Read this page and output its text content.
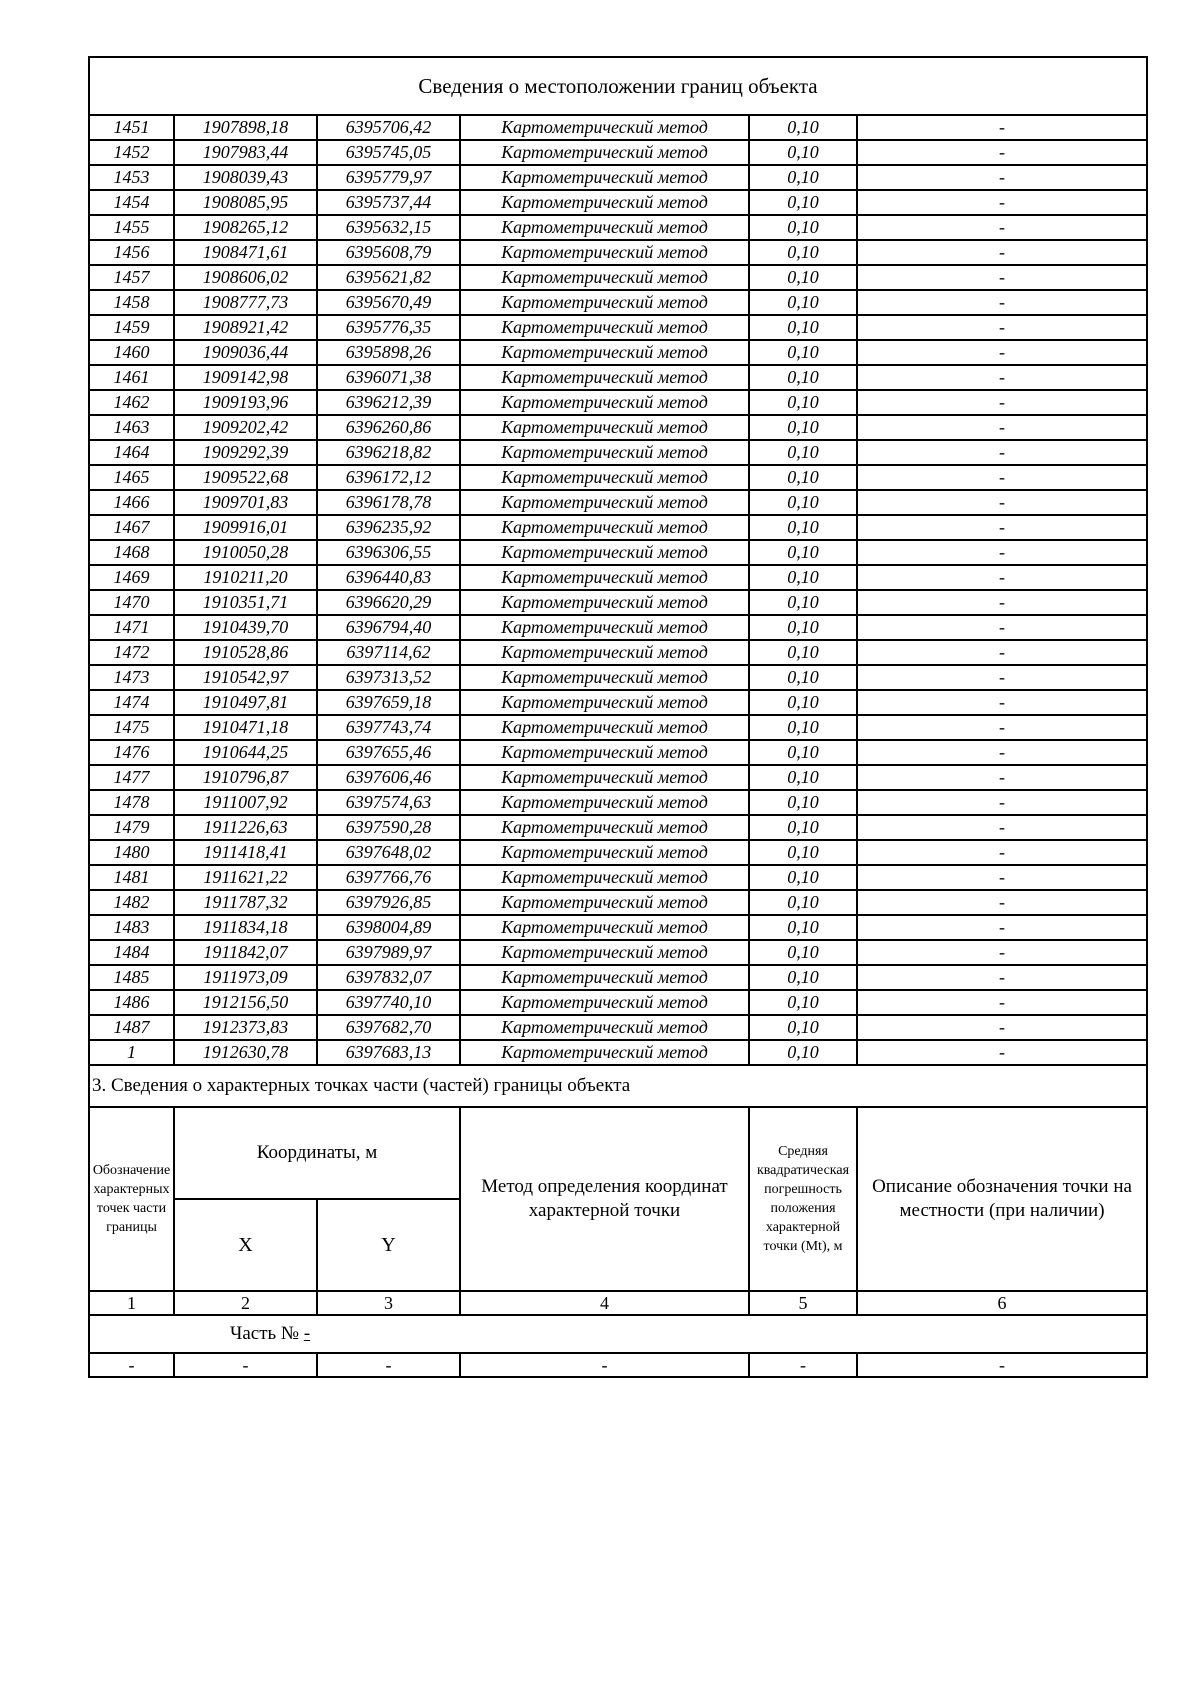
Сведения о местоположении границ объекта					
1451	1907898,18	6395706,42	Картометрический метод	0,10	-
1452	1907983,44	6395745,05	Картометрический метод	0,10	-
1453	1908039,43	6395779,97	Картометрический метод	0,10	-
1454	1908085,95	6395737,44	Картометрический метод	0,10	-
1455	1908265,12	6395632,15	Картометрический метод	0,10	-
1456	1908471,61	6395608,79	Картометрический метод	0,10	-
1457	1908606,02	6395621,82	Картометрический метод	0,10	-
1458	1908777,73	6395670,49	Картометрический метод	0,10	-
1459	1908921,42	6395776,35	Картометрический метод	0,10	-
1460	1909036,44	6395898,26	Картометрический метод	0,10	-
1461	1909142,98	6396071,38	Картометрический метод	0,10	-
1462	1909193,96	6396212,39	Картометрический метод	0,10	-
1463	1909202,42	6396260,86	Картометрический метод	0,10	-
1464	1909292,39	6396218,82	Картометрический метод	0,10	-
1465	1909522,68	6396172,12	Картометрический метод	0,10	-
1466	1909701,83	6396178,78	Картометрический метод	0,10	-
1467	1909916,01	6396235,92	Картометрический метод	0,10	-
1468	1910050,28	6396306,55	Картометрический метод	0,10	-
1469	1910211,20	6396440,83	Картометрический метод	0,10	-
1470	1910351,71	6396620,29	Картометрический метод	0,10	-
1471	1910439,70	6396794,40	Картометрический метод	0,10	-
1472	1910528,86	6397114,62	Картометрический метод	0,10	-
1473	1910542,97	6397313,52	Картометрический метод	0,10	-
1474	1910497,81	6397659,18	Картометрический метод	0,10	-
1475	1910471,18	6397743,74	Картометрический метод	0,10	-
1476	1910644,25	6397655,46	Картометрический метод	0,10	-
1477	1910796,87	6397606,46	Картометрический метод	0,10	-
1478	1911007,92	6397574,63	Картометрический метод	0,10	-
1479	1911226,63	6397590,28	Картометрический метод	0,10	-
1480	1911418,41	6397648,02	Картометрический метод	0,10	-
1481	1911621,22	6397766,76	Картометрический метод	0,10	-
1482	1911787,32	6397926,85	Картометрический метод	0,10	-
1483	1911834,18	6398004,89	Картометрический метод	0,10	-
1484	1911842,07	6397989,97	Картометрический метод	0,10	-
1485	1911973,09	6397832,07	Картометрический метод	0,10	-
1486	1912156,50	6397740,10	Картометрический метод	0,10	-
1487	1912373,83	6397682,70	Картометрический метод	0,10	-
1	1912630,78	6397683,13	Картометрический метод	0,10	-
3. Сведения о характерных точках части (частей) границы объекта					
Обозначение характерных точек части границы	Координаты, м		Метод определения координат характерной точки	Средняя квадратическая погрешность положения характерной точки (Mt), м	Описание обозначения точки на местности (при наличии)
	X	Y			
1	2	3	4	5	6
Часть № -					
-	-	-	-	-	-
